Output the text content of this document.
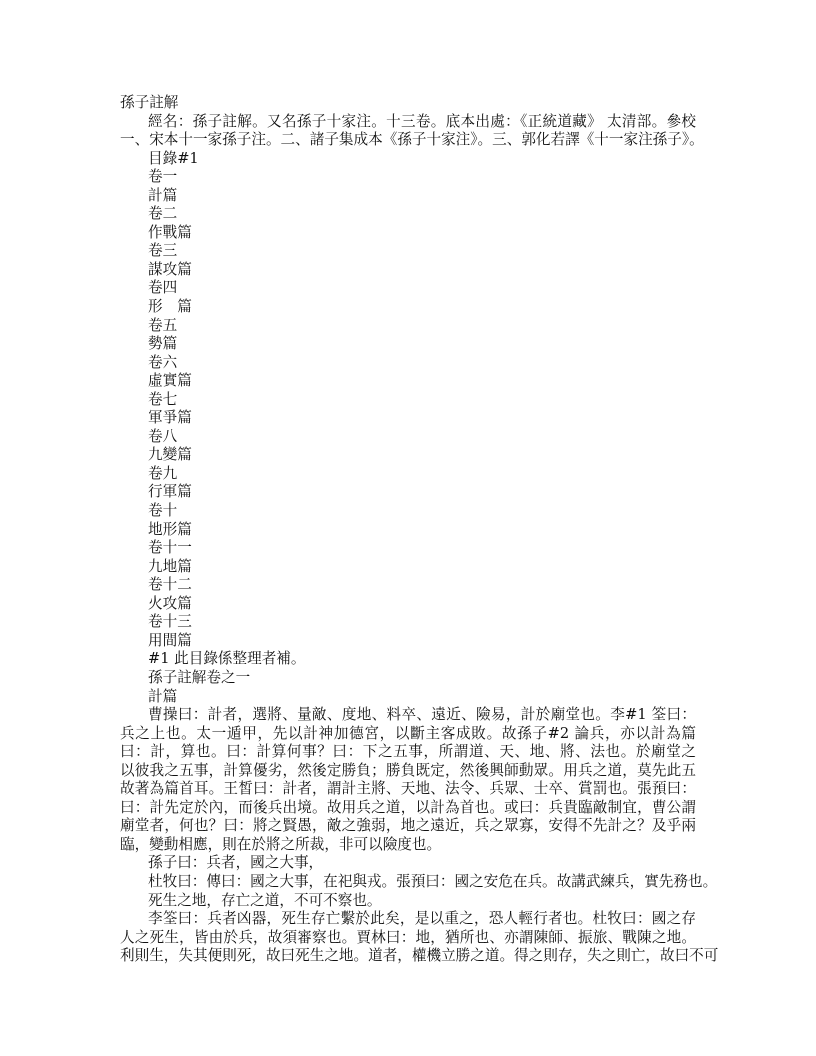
孫子註解
經名：孫子註解。又名孫子十家注。十三卷。底本出處：《正統道藏》 太清部。參校
一、宋本十一家孫子注。二、諸子集成本《孫子十家注》。三、郭化若譯《十一家注孫子》。
目錄#1
卷一
計篇
卷二
作戰篇
卷三
謀攻篇
卷四
形　篇
卷五
勢篇
卷六
虛實篇
卷七
軍爭篇
卷八
九變篇
卷九
行軍篇
卷十
地形篇
卷十一
九地篇
卷十二
火攻篇
卷十三
用間篇
#1 此目錄係整理者補。
孫子註解卷之一
計篇
曹操曰：計者，選將、量敵、度地、料卒、遠近、險易，計於廟堂也。李#1 筌曰：
兵之上也。太一遁甲，先以計神加德宮，以斷主客成敗。故孫子#2 論兵，亦以計為篇
曰：計，算也。曰：計算何事？曰：下之五事，所謂道、天、地、將、法也。於廟堂之
以彼我之五事，計算優劣，然後定勝負；勝負既定，然後興師動眾。用兵之道，莫先此五
故著為篇首耳。王皙曰：計者，謂計主將、天地、法令、兵眾、士卒、賞罰也。張預曰：
曰：計先定於內，而後兵出境。故用兵之道，以計為首也。或曰：兵貴臨敵制宜，曹公謂
廟堂者，何也？曰：將之賢愚，敵之強弱，地之遠近，兵之眾寡，安得不先計之？及乎兩
臨，變動相應，則在於將之所裁，非可以險度也。
孫子曰：兵者，國之大事，
杜牧曰：傳曰：國之大事，在祀與戎。張預曰：國之安危在兵。故講武練兵，實先務也。
死生之地，存亡之道，不可不察也。
李筌曰：兵者凶器，死生存亡繫於此矣，是以重之，恐人輕行者也。杜牧曰：國之存
人之死生，皆由於兵，故須審察也。賈林曰：地，猶所也、亦謂陳師、振旅、戰陳之地。
利則生，失其便則死，故曰死生之地。道者，權機立勝之道。得之則存，失之則亡，故曰不可
